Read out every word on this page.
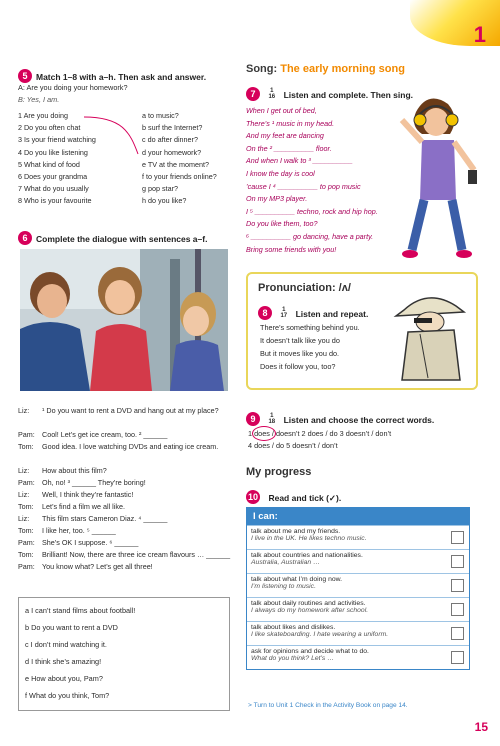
1
5 Match 1–8 with a–h. Then ask and answer.
A: Are you doing your homework?
B: Yes, I am.
1 Are you doing
2 Do you often chat
3 Is your friend watching
4 Do you like listening
5 What kind of food
6 Does your grandma
7 What do you usually
8 Who is your favourite
a to music?
b surf the Internet?
c do after dinner?
d your homework?
e TV at the moment?
f to your friends online?
g pop star?
h do you like?
6 Complete the dialogue with sentences a–f.
Liz: ¹ Do you want to rent a DVD and hang out at my place?
Pam: Cool! Let’s get ice cream, too. ² ______
Tom: Good idea. I love watching DVDs and eating ice cream.
Liz: How about this film?
Pam: Oh, no! ³ ______ They’re boring!
Liz: Well, I think they’re fantastic!
Tom: Let’s find a film we all like.
Liz: This film stars Cameron Diaz. ⁴ ______
Tom: I like her, too. ⁵ ______
Pam: She’s OK I suppose. ⁶ ______
Tom: Brilliant! Now, there are three ice cream flavours … ______
Pam: You know what? Let’s get all three!
a I can’t stand films about football!
b Do you want to rent a DVD
c I don’t mind watching it.
d I think she’s amazing!
e How about you, Pam?
f What do you think, Tom?
Song: The early morning song
7 1
16 Listen and complete. Then sing.
When I get out of bed,
There’s ¹ music in my head.
And my feet are dancing
On the ² __________ floor.
And when I walk to ³ __________
I know the day is cool
’cause I ⁴ __________ to pop music
On my MP3 player.
I ⁵ __________ techno, rock and hip hop.
Do you like them, too?
⁶ __________ go dancing, have a party.
Bring some friends with you!
Pronunciation: /ʌ/
8 1
17 Listen and repeat.
There’s something behind you.
It doesn’t talk like you do
But it moves like you do.
Does it follow you, too?
9 1
18 Listen and choose the correct words.
1 does / doesn’t 2 does / do 3 doesn’t / don’t
4 does / do 5 doesn’t / don’t
My progress
10 Read and tick (✓).
I can:
talk about me and my friends.
I live in the UK. He likes techno music.
talk about countries and nationalities.
Australia, Australian …
talk about what I’m doing now.
I’m listening to music.
talk about daily routines and activities.
I always do my homework after school.
talk about likes and dislikes.
I like skateboarding. I hate wearing a uniform.
ask for opinions and decide what to do.
What do you think? Let’s …
> Turn to Unit 1 Check in the Activity Book on page 14.
15
